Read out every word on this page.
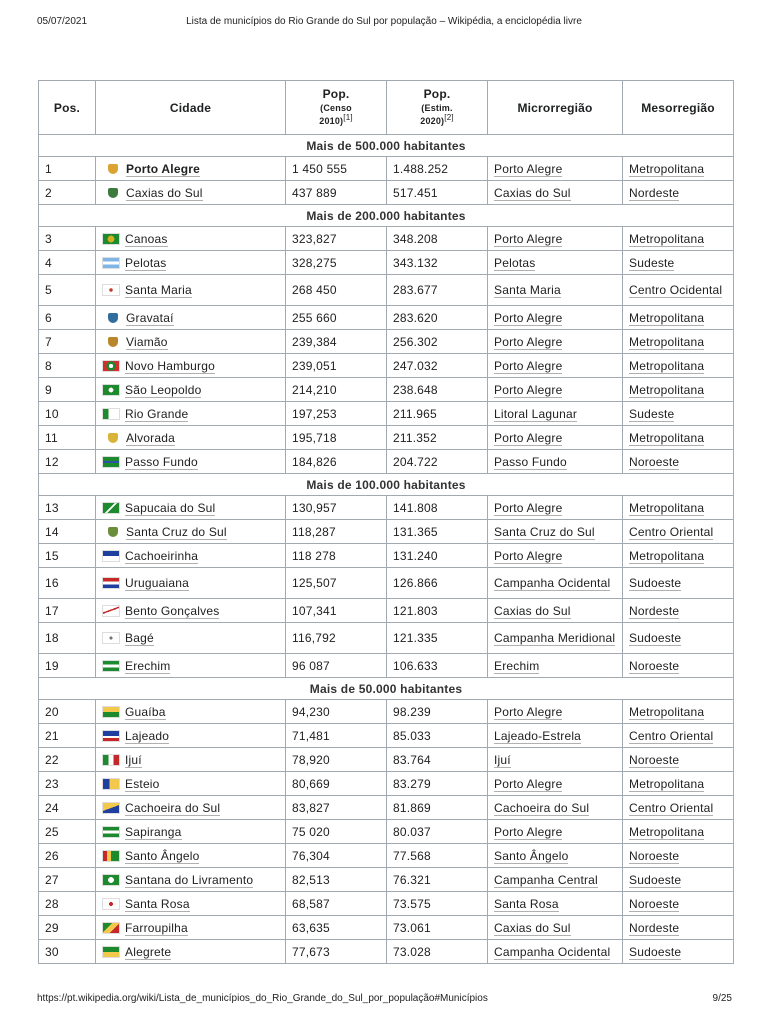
05/07/2021	Lista de municípios do Rio Grande do Sul por população – Wikipédia, a enciclopédia livre
Pos.	Cidade	Pop.
(Censo
2010)[1]	Pop.
(Estim.
2020)[2]	Microrregião	Mesorregião
Mais de 500.000 habitantes					
1	Porto Alegre	1 450 555	1.488.252	Porto Alegre	Metropolitana
2	Caxias do Sul	437 889	517.451	Caxias do Sul	Nordeste
Mais de 200.000 habitantes					
3	Canoas	323,827	348.208	Porto Alegre	Metropolitana
4	Pelotas	328,275	343.132	Pelotas	Sudeste
5	Santa Maria	268 450	283.677	Santa Maria	Centro Ocidental
6	Gravataí	255 660	283.620	Porto Alegre	Metropolitana
7	Viamão	239,384	256.302	Porto Alegre	Metropolitana
8	Novo Hamburgo	239,051	247.032	Porto Alegre	Metropolitana
9	São Leopoldo	214,210	238.648	Porto Alegre	Metropolitana
10	Rio Grande	197,253	211.965	Litoral Lagunar	Sudeste
11	Alvorada	195,718	211.352	Porto Alegre	Metropolitana
12	Passo Fundo	184,826	204.722	Passo Fundo	Noroeste
Mais de 100.000 habitantes					
13	Sapucaia do Sul	130,957	141.808	Porto Alegre	Metropolitana
14	Santa Cruz do Sul	118,287	131.365	Santa Cruz do Sul	Centro Oriental
15	Cachoeirinha	118 278	131.240	Porto Alegre	Metropolitana
16	Uruguaiana	125,507	126.866	Campanha Ocidental	Sudoeste
17	Bento Gonçalves	107,341	121.803	Caxias do Sul	Nordeste
18	Bagé	116,792	121.335	Campanha Meridional	Sudoeste
19	Erechim	96 087	106.633	Erechim	Noroeste
Mais de 50.000 habitantes					
20	Guaíba	94,230	98.239	Porto Alegre	Metropolitana
21	Lajeado	71,481	85.033	Lajeado-Estrela	Centro Oriental
22	Ijuí	78,920	83.764	Ijuí	Noroeste
23	Esteio	80,669	83.279	Porto Alegre	Metropolitana
24	Cachoeira do Sul	83,827	81.869	Cachoeira do Sul	Centro Oriental
25	Sapiranga	75 020	80.037	Porto Alegre	Metropolitana
26	Santo Ângelo	76,304	77.568	Santo Ângelo	Noroeste
27	Santana do Livramento	82,513	76.321	Campanha Central	Sudoeste
28	Santa Rosa	68,587	73.575	Santa Rosa	Noroeste
29	Farroupilha	63,635	73.061	Caxias do Sul	Nordeste
30	Alegrete	77,673	73.028	Campanha Ocidental	Sudoeste
https://pt.wikipedia.org/wiki/Lista_de_municípios_do_Rio_Grande_do_Sul_por_população#Municípios	9/25
